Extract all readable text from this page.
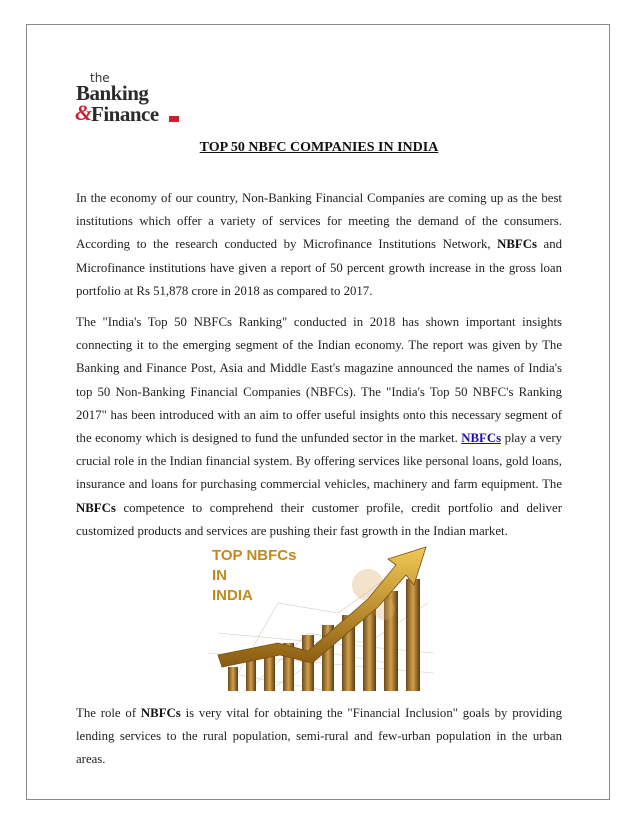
the
Banking
&
Finance
TOP 50 NBFC COMPANIES IN INDIA

In the economy of our country, Non-Banking Financial Companies are coming up as the best institutions which offer a variety of services for meeting the demand of the consumers. According to the research conducted by Microfinance Institutions Network, NBFCs and Microfinance institutions have given a report of 50 percent growth increase in the gross loan portfolio at Rs 51,878 crore in 2018 as compared to 2017.

The "India's Top 50 NBFCs Ranking" conducted in 2018 has shown important insights connecting it to the emerging segment of the Indian economy. The report was given by The Banking and Finance Post, Asia and Middle East's magazine announced the names of India's top 50 Non-Banking Financial Companies (NBFCs). The "India's Top 50 NBFC's Ranking 2017" has been introduced with an aim to offer useful insights onto this necessary segment of the economy which is designed to fund the unfunded sector in the market. NBFCs play a very crucial role in the Indian financial system. By offering services like personal loans, gold loans, insurance and loans for purchasing commercial vehicles, machinery and farm equipment. The NBFCs competence to comprehend their customer profile, credit portfolio and deliver customized products and services are pushing their fast growth in the Indian market.

TOP NBFCs
IN
INDIA

The role of NBFCs is very vital for obtaining the "Financial Inclusion" goals by providing lending services to the rural population, semi-rural and few-urban population in the urban areas.
